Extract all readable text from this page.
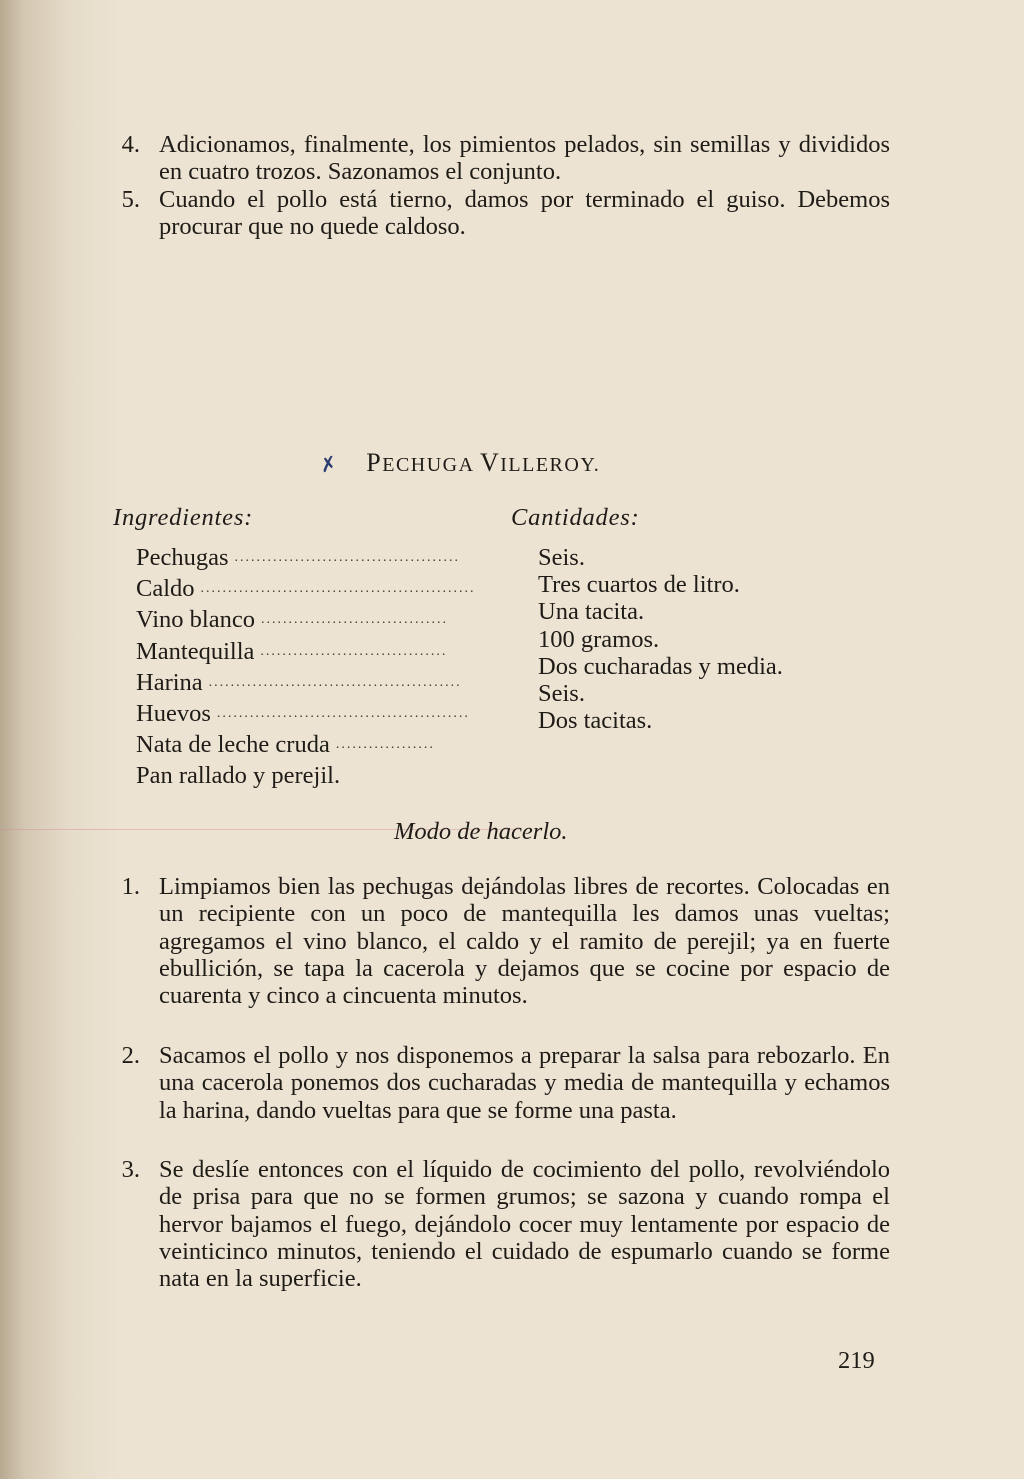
4. Adicionamos, finalmente, los pimientos pelados, sin semillas y divididos en cuatro trozos. Sazonamos el conjunto.
5. Cuando el pollo está tierno, damos por terminado el guiso. Debemos procurar que no quede caldoso.
✗ PECHUGA VILLEROY.
Ingredientes:	Cantidades:
Pechugas .........................................
Caldo ..................................................
Vino blanco ..................................
Mantequilla ..................................
Harina ..............................................
Huevos ..............................................
Nata de leche cruda ..................
Pan rallado y perejil.
Seis.
Tres cuartos de litro.
Una tacita.
100 gramos.
Dos cucharadas y media.
Seis.
Dos tacitas.
Modo de hacerlo.
1. Limpiamos bien las pechugas dejándolas libres de recortes. Colocadas en un recipiente con un poco de mantequilla les damos unas vueltas; agregamos el vino blanco, el caldo y el ramito de perejil; ya en fuerte ebullición, se tapa la cacerola y dejamos que se cocine por espacio de cuarenta y cinco a cincuenta minutos.
2. Sacamos el pollo y nos disponemos a preparar la salsa para rebozarlo. En una cacerola ponemos dos cucharadas y media de mantequilla y echamos la harina, dando vueltas para que se forme una pasta.
3. Se deslíe entonces con el líquido de cocimiento del pollo, revolviéndolo de prisa para que no se formen grumos; se sazona y cuando rompa el hervor bajamos el fuego, dejándolo cocer muy lentamente por espacio de veinticinco minutos, teniendo el cuidado de espumarlo cuando se forme nata en la superficie.
219
